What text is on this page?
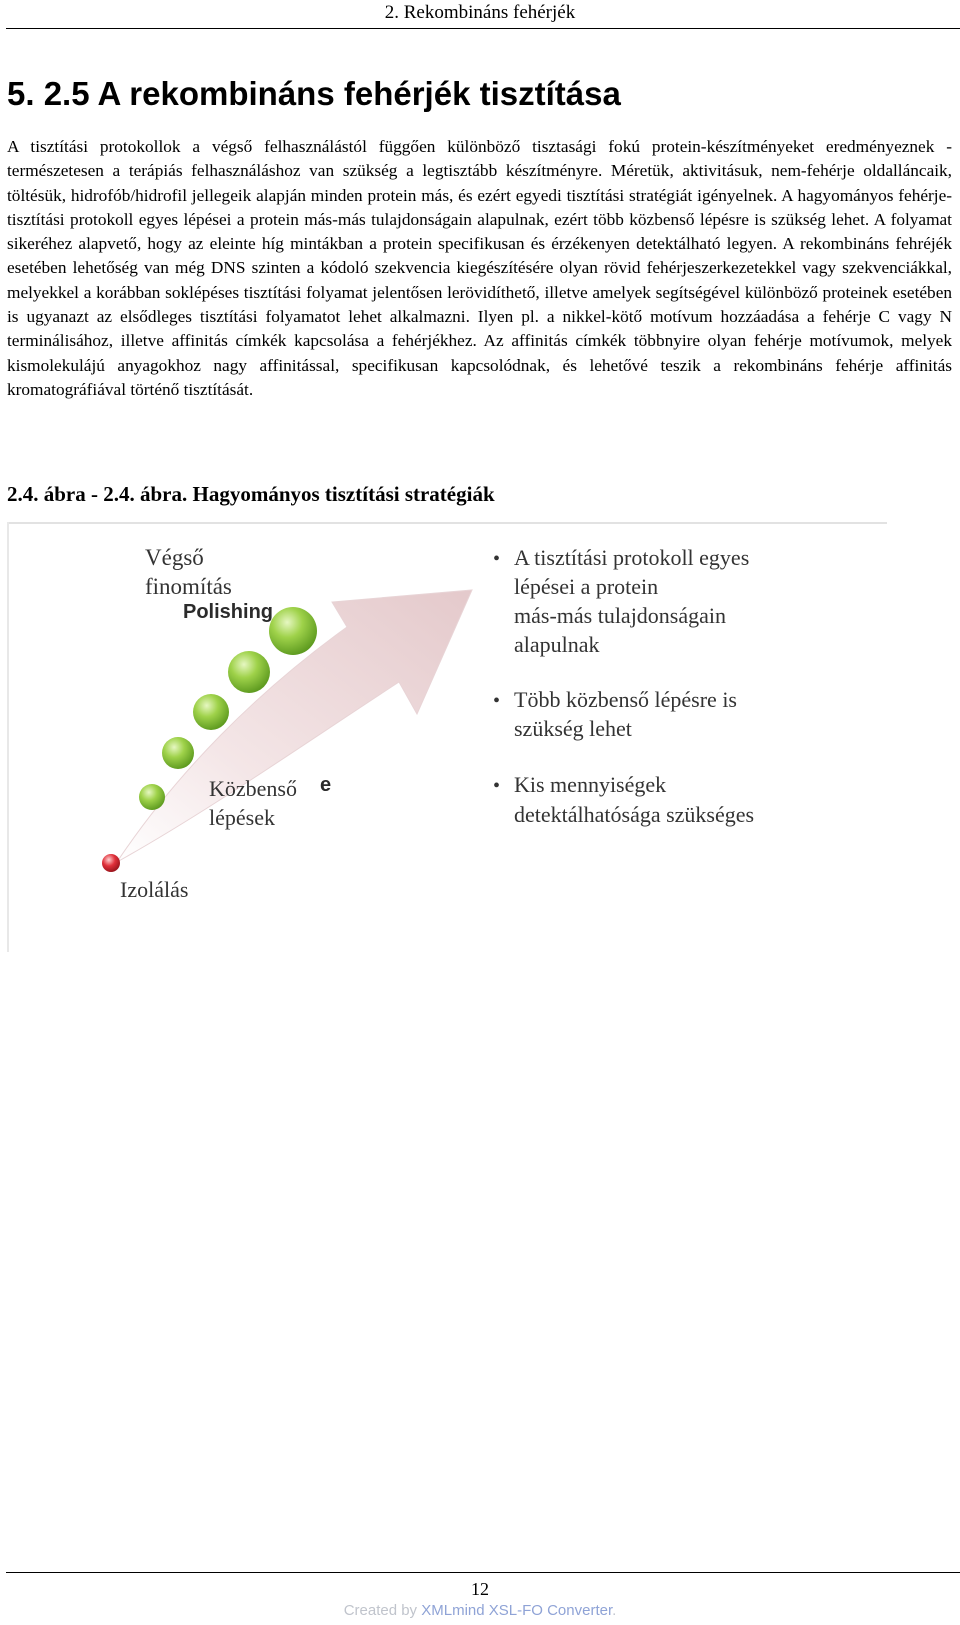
2. Rekombináns fehérjék
5. 2.5 A rekombináns fehérjék tisztítása

A tisztítási protokollok a végső felhasználástól függően különböző tisztasági fokú protein-készítményeket eredményeznek - természetesen a terápiás felhasználáshoz van szükség a legtisztább készítményre. Méretük, aktivitásuk, nem-fehérje oldalláncaik, töltésük, hidrofób/hidrofil jellegeik alapján minden protein más, és ezért egyedi tisztítási stratégiát igényelnek. A hagyományos fehérje-tisztítási protokoll egyes lépései a protein más-más tulajdonságain alapulnak, ezért több közbenső lépésre is szükség lehet. A folyamat sikeréhez alapvető, hogy az eleinte híg mintákban a protein specifikusan és érzékenyen detektálható legyen. A rekombináns fehréjék esetében lehetőség van még DNS szinten a kódoló szekvencia kiegészítésére olyan rövid fehérjeszerkezetekkel vagy szekvenciákkal, melyekkel a korábban soklépéses tisztítási folyamat jelentősen lerövidíthető, illetve amelyek segítségével különböző proteinek esetében is ugyanazt az elsődleges tisztítási folyamatot lehet alkalmazni. Ilyen pl. a nikkel-kötő motívum hozzáadása a fehérje C vagy N terminálisához, illetve affinitás címkék kapcsolása a fehérjékhez. Az affinitás címkék többnyire olyan fehérje motívumok, melyek kismolekulájú anyagokhoz nagy affinitással, specifikusan kapcsolódnak, és lehetővé teszik a rekombináns fehérje affinitás kromatográfiával történő tisztítását.

2.4. ábra - 2.4. ábra. Hagyományos tisztítási stratégiák
Végső
finomítás
Polishing
Közbenső e
lépések
Izolálás
• A tisztítási protokoll egyes
lépései a protein
más-más tulajdonságain
alapulnak
• Több közbenső lépésre is
szükség lehet
• Kis mennyiségek
detektálhatósága szükséges
12
Created by XMLmind XSL-FO Converter.
